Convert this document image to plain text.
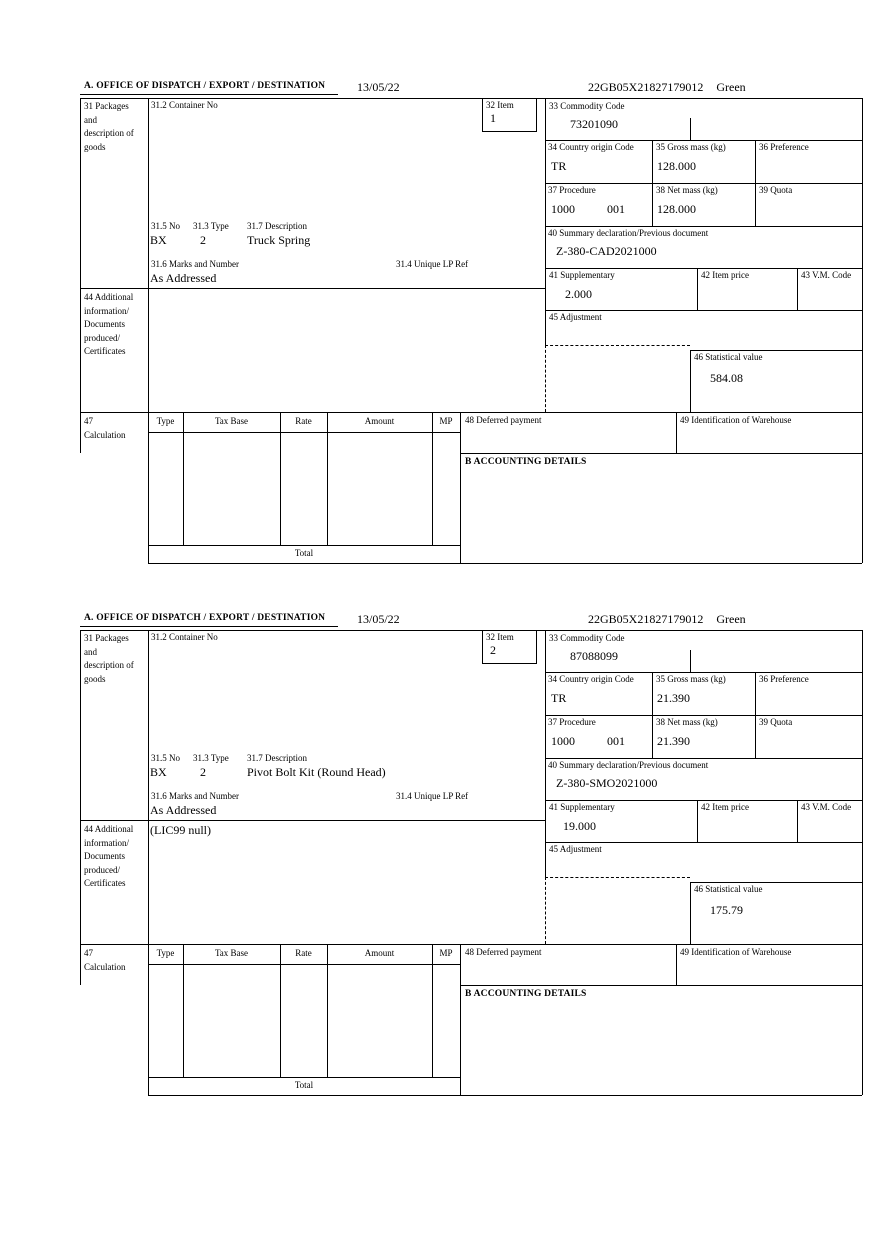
A. OFFICE OF DISPATCH / EXPORT / DESTINATION	13/05/22	22GB05X21827179012 Green
31 Packages and description of goods
31.2 Container No	32 Item
1
33 Commodity Code
73201090
34 Country origin Code
TR
35 Gross mass (kg)
128.000
36 Preference
37 Procedure
1000	001
38 Net mass (kg)
128.000
39 Quota
40 Summary declaration/Previous document
Z-380-CAD2021000
31.5 No 31.3 Type 31.7 Description
BX	2	Truck Spring
31.6 Marks and Number	31.4 Unique LP Ref
As Addressed	41 Supplementary
2.000
42 Item price	43 V.M. Code
44 Additional information/ Documents produced/ Certificates
45 Adjustment
46 Statistical value
584.08
47 Calculation
Type	Tax Base	Rate	Amount	MP
Total
48 Deferred payment	49 Identification of Warehouse
B ACCOUNTING DETAILS
A. OFFICE OF DISPATCH / EXPORT / DESTINATION	13/05/22	22GB05X21827179012 Green
31 Packages and description of goods
31.2 Container No	32 Item
2
33 Commodity Code
87088099
34 Country origin Code
TR
35 Gross mass (kg)
21.390
36 Preference
37 Procedure
1000	001
38 Net mass (kg)
21.390
39 Quota
40 Summary declaration/Previous document
Z-380-SMO2021000
31.5 No 31.3 Type 31.7 Description
BX	2	Pivot Bolt Kit (Round Head)
31.6 Marks and Number	31.4 Unique LP Ref
As Addressed	41 Supplementary
19.000
42 Item price	43 V.M. Code
44 Additional information/ Documents produced/ Certificates
(LIC99 null)
45 Adjustment
46 Statistical value
175.79
47 Calculation
Type	Tax Base	Rate	Amount	MP
Total
48 Deferred payment	49 Identification of Warehouse
B ACCOUNTING DETAILS
